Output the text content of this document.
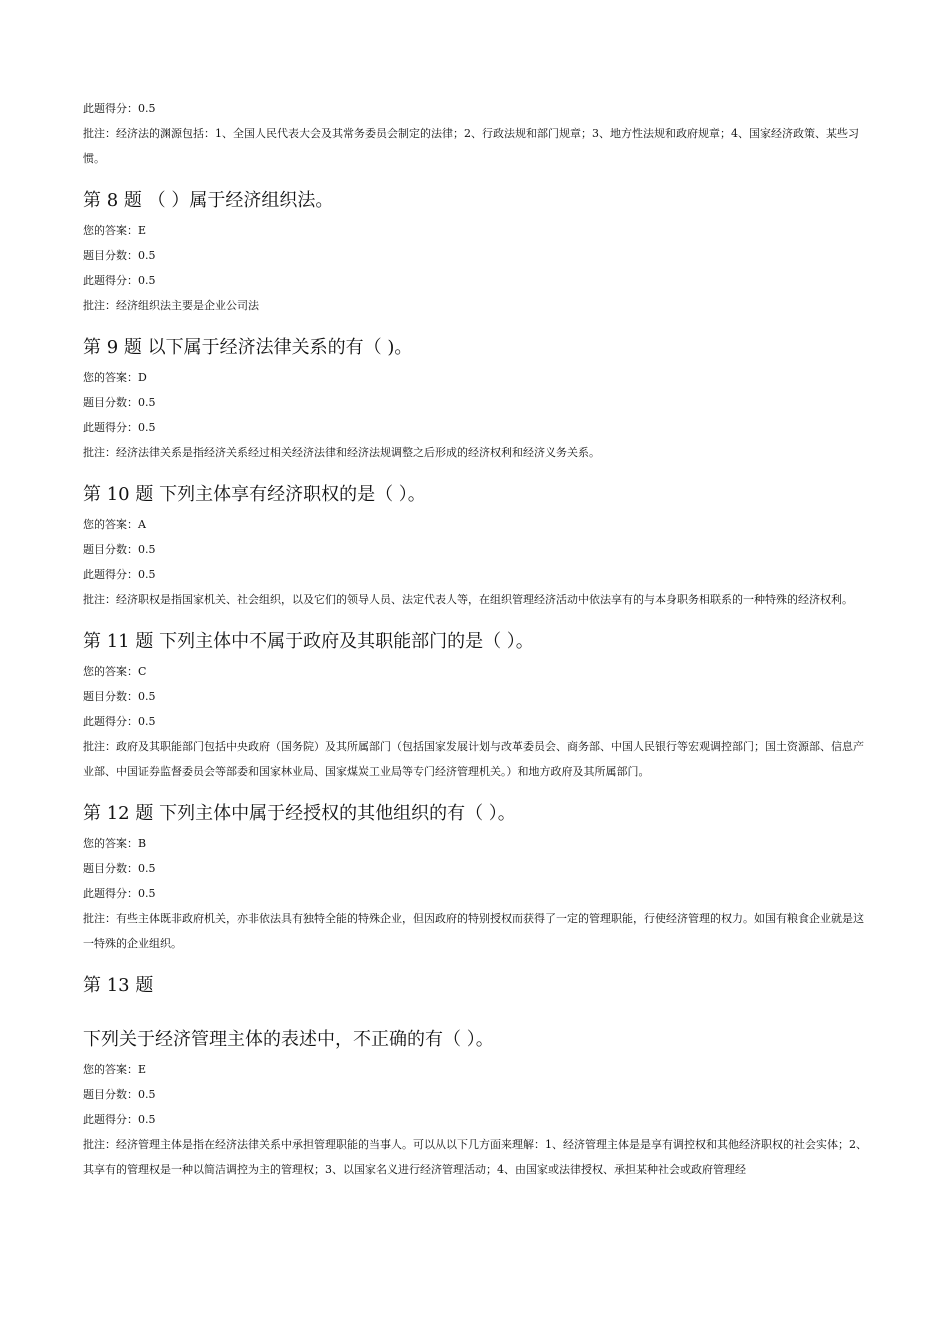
此题得分：0.5
批注：经济法的渊源包括：1、全国人民代表大会及其常务委员会制定的法律；2、行政法规和部门规章；3、地方性法规和政府规章；4、国家经济政策、某些习惯。
第 8 题 （ ）属于经济组织法。
您的答案：E
题目分数：0.5
此题得分：0.5
批注：经济组织法主要是企业公司法
第 9 题 以下属于经济法律关系的有（ )。
您的答案：D
题目分数：0.5
此题得分：0.5
批注：经济法律关系是指经济关系经过相关经济法律和经济法规调整之后形成的经济权利和经济义务关系。
第 10 题 下列主体享有经济职权的是（ ）。
您的答案：A
题目分数：0.5
此题得分：0.5
批注：经济职权是指国家机关、社会组织，以及它们的领导人员、法定代表人等，在组织管理经济活动中依法享有的与本身职务相联系的一种特殊的经济权利。
第 11 题 下列主体中不属于政府及其职能部门的是（ ）。
您的答案：C
题目分数：0.5
此题得分：0.5
批注：政府及其职能部门包括中央政府（国务院）及其所属部门（包括国家发展计划与改革委员会、商务部、中国人民银行等宏观调控部门；国土资源部、信息产业部、中国证券监督委员会等部委和国家林业局、国家煤炭工业局等专门经济管理机关。）和地方政府及其所属部门。
第 12 题 下列主体中属于经授权的其他组织的有（ ）。
您的答案：B
题目分数：0.5
此题得分：0.5
批注：有些主体既非政府机关，亦非依法具有独特全能的特殊企业，但因政府的特别授权而获得了一定的管理职能，行使经济管理的权力。如国有粮食企业就是这一特殊的企业组织。
第 13 题
下列关于经济管理主体的表述中，不正确的有（ ）。
您的答案：E
题目分数：0.5
此题得分：0.5
批注：经济管理主体是指在经济法律关系中承担管理职能的当事人。可以从以下几方面来理解：1、经济管理主体是是享有调控权和其他经济职权的社会实体；2、其享有的管理权是一种以简洁调控为主的管理权；3、以国家名义进行经济管理活动；4、由国家或法律授权、承担某种社会或政府管理经
